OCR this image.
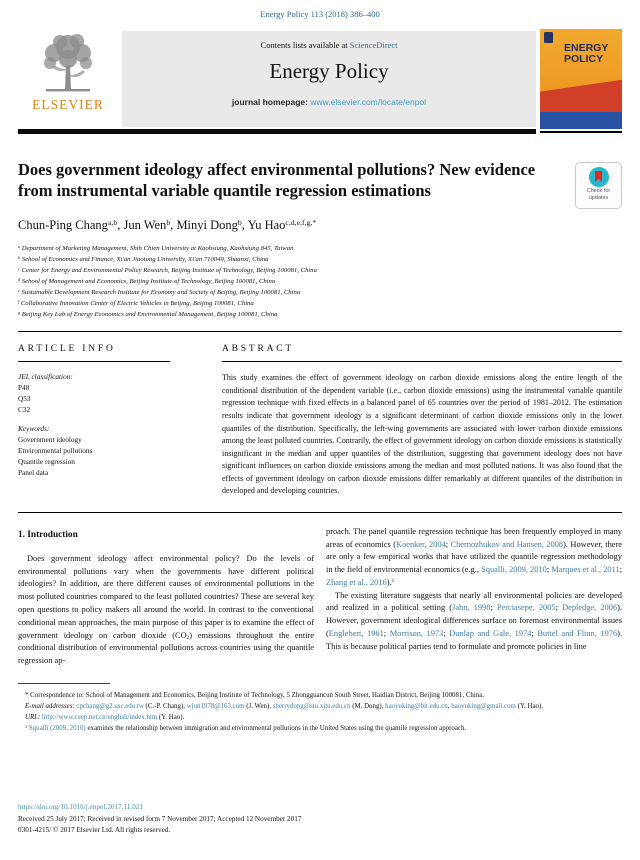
Energy Policy 113 (2018) 386–400
ELSEVIER
Contents lists available at ScienceDirect
Energy Policy
journal homepage: www.elsevier.com/locate/enpol
ENERGY
POLICY
Does government ideology affect environmental pollutions? New evidence from instrumental variable quantile regression estimations	Check for
updates
Chun-Ping Chang$^{a,b}$, Jun Wen$^b$, Minyi Dong$^b$, Yu Hao$^{c,d,e,f,g,*}$
$^a$ Department of Marketing Management, Shih Chien University at Kaohsiung, Kaohsiung 845, Taiwan
$^b$ School of Economics and Finance, Xi'an Jiaotong University, Xi'an 710049, Shaanxi, China
$^c$ Center for Energy and Environmental Policy Research, Beijing Institute of Technology, Beijing 100081, China
$^d$ School of Management and Economics, Beijing Institute of Technology, Beijing 100081, China
$^e$ Sustainable Development Research Institute for Economy and Society of Beijing, Beijing 100081, China
$^f$ Collaborative Innovation Center of Electric Vehicles in Beijing, Beijing 100081, China
$^g$ Beijing Key Lab of Energy Economics and Environmental Management, Beijing 100081, China
ARTICLE INFO
JEL classification:
P48
Q53
C32
Keywords:
Government ideology
Environmental pollutions
Quantile regression
Panel data
ABSTRACT
This study examines the effect of government ideology on carbon dioxide emissions along the entire length of the conditional distribution of the dependent variable (i.e., carbon dioxide emissions) using the instrumental variable quantile regression technique with fixed effects in a balanced panel of 65 countries over the period of 1981–2012. The estimation results indicate that government ideology is a significant determinant of carbon dioxide emissions only in the lower quantiles of the distribution. Specifically, the left-wing governments are associated with lower carbon dioxide emissions among the least polluted countries. Contrarily, the effect of government ideology on carbon dioxide emissions is statistically insignificant in the median and upper quantiles of the distribution, suggesting that government ideology does not have significant influences on carbon dioxide emissions among the median and most polluted nations. It was also found that the effects of government ideology on carbon dioxide emissions differ remarkably at different quantiles of the distribution in developed and developing countries.
1. Introduction
Does government ideology affect environmental policy? Do the levels of environmental pollutions vary when the governments have different political ideologies? In addition, are there different causes of environmental pollutions in the most polluted countries compared to the least polluted countries? These are several key open questions to policy makers all around the world. In contrast to the conventional conditional mean approaches, the main purpose of this paper is to examine the effect of government ideology on carbon dioxide $(CO_2)$ emissions throughout the entire conditional distribution of environmental pollutions across countries using the quantile regression ap-
proach. The panel quantile regression technique has been frequently employed in many areas of economics (Koenker, 2004; Chernozhukov and Hansen, 2008). However, there are only a few empirical works that have utilized the quantile regression methodology in the field of environmental economics (e.g., Squalli, 2009, 2010; Marques et al., 2011; Zhang et al., 2016).$^1$
The existing literature suggests that nearly all environmental policies are developed and realized in a political setting (Jahn, 1998; Perciasepe, 2005; Depledge, 2006). However, government ideological differences surface on foremost environmental issues (Englebert, 1961; Morrison, 1973; Dunlap and Gale, 1974; Buttel and Flinn, 1976). This is because political parties tend to formulate and promote policies in line
* Correspondence to: School of Management and Economics, Beijing Institute of Technology, 5 Zhongguancun South Street, Haidian District, Beijing 100081, China.
E-mail addresses: cpchang@g2.usc.edu.tw (C.-P. Chang), wjun1978@163.com (J. Wen), sherrydong@stu.xjtu.edu.cn (M. Dong), haoyuking@bit.edu.cn, haoyuking@gmail.com (Y. Hao).
URL: http://www.ceep.net.cn/english/index.htm (Y. Hao).
$^1$ Squalli (2009, 2010) examines the relationship between immigration and environmental pollutions in the United States using the quantile regression approach.
https://doi.org/10.1016/j.enpol.2017.11.021
Received 25 July 2017; Received in revised form 7 November 2017; Accepted 12 November 2017
0301-4215/ © 2017 Elsevier Ltd. All rights reserved.
